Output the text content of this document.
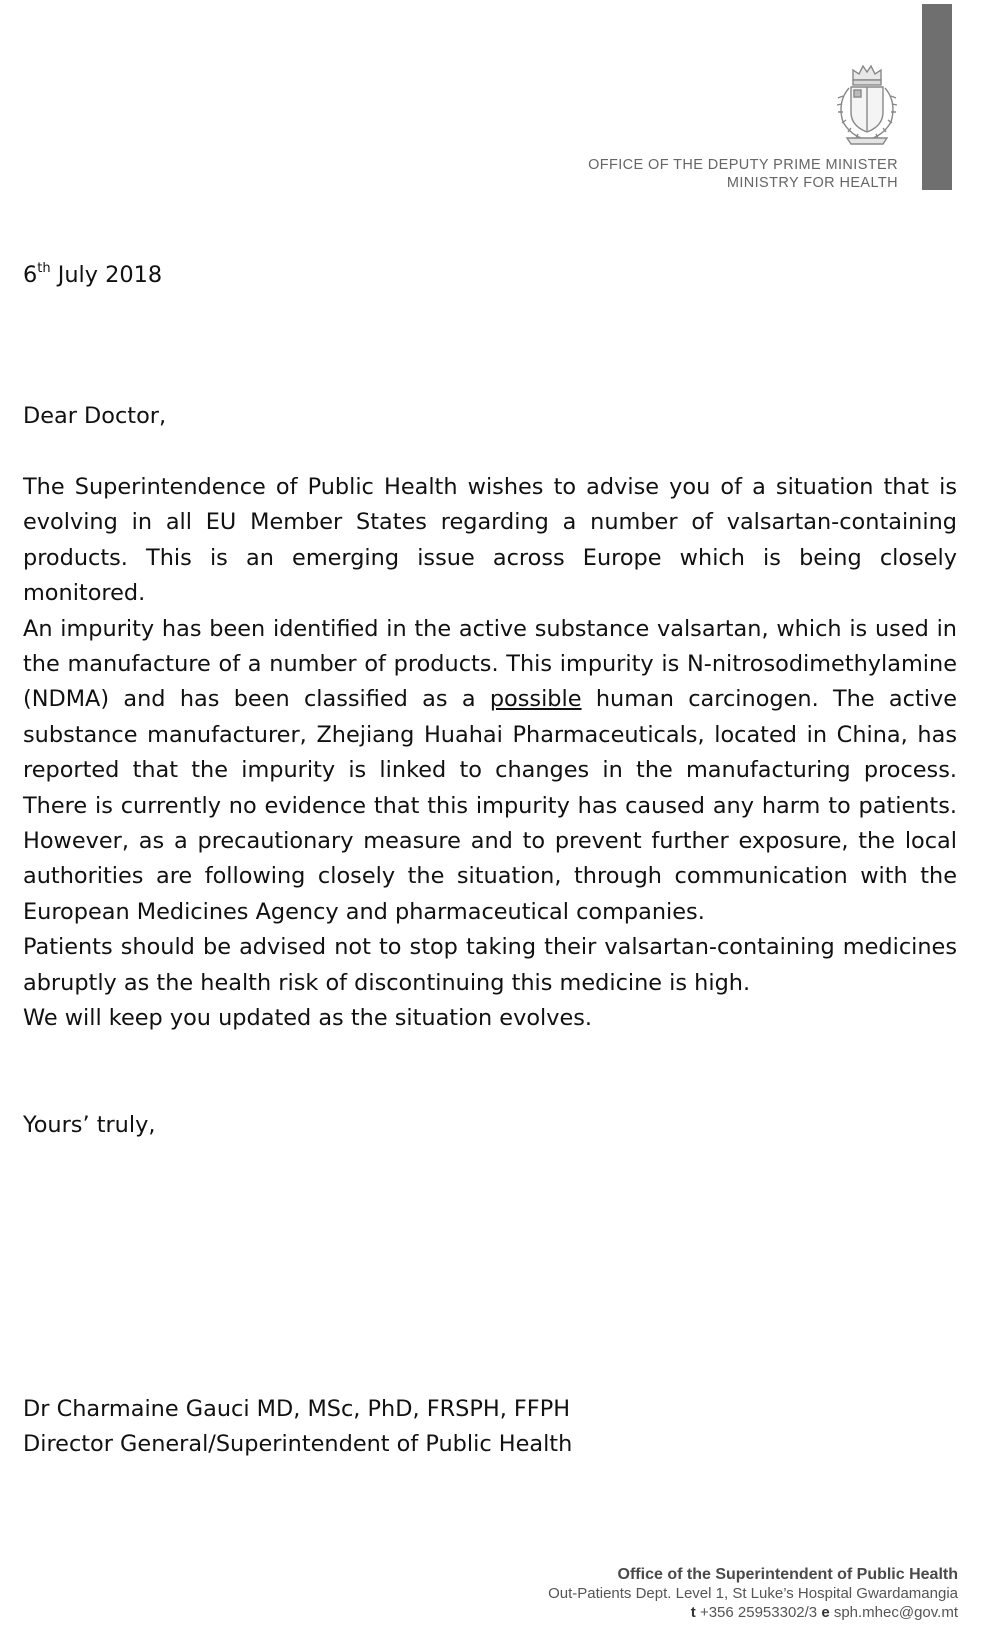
OFFICE OF THE DEPUTY PRIME MINISTER
MINISTRY FOR HEALTH
6th July 2018
Dear Doctor,

The Superintendence of Public Health wishes to advise you of a situation that is evolving in all EU Member States regarding a number of valsartan-containing products. This is an emerging issue across Europe which is being closely monitored.

An impurity has been identified in the active substance valsartan, which is used in the manufacture of a number of products. This impurity is N-nitrosodimethylamine (NDMA) and has been classified as a possible human carcinogen. The active substance manufacturer, Zhejiang Huahai Pharmaceuticals, located in China, has reported that the impurity is linked to changes in the manufacturing process. There is currently no evidence that this impurity has caused any harm to patients. However, as a precautionary measure and to prevent further exposure, the local authorities are following closely the situation, through communication with the European Medicines Agency and pharmaceutical companies.

Patients should be advised not to stop taking their valsartan-containing medicines abruptly as the health risk of discontinuing this medicine is high.

We will keep you updated as the situation evolves.

Yours’ truly,
Dr Charmaine Gauci MD, MSc, PhD, FRSPH, FFPH
Director General/Superintendent of Public Health
Office of the Superintendent of Public Health
Out-Patients Dept. Level 1, St Luke’s Hospital Gwardamangia
t +356 25953302/3 e sph.mhec@gov.mt
